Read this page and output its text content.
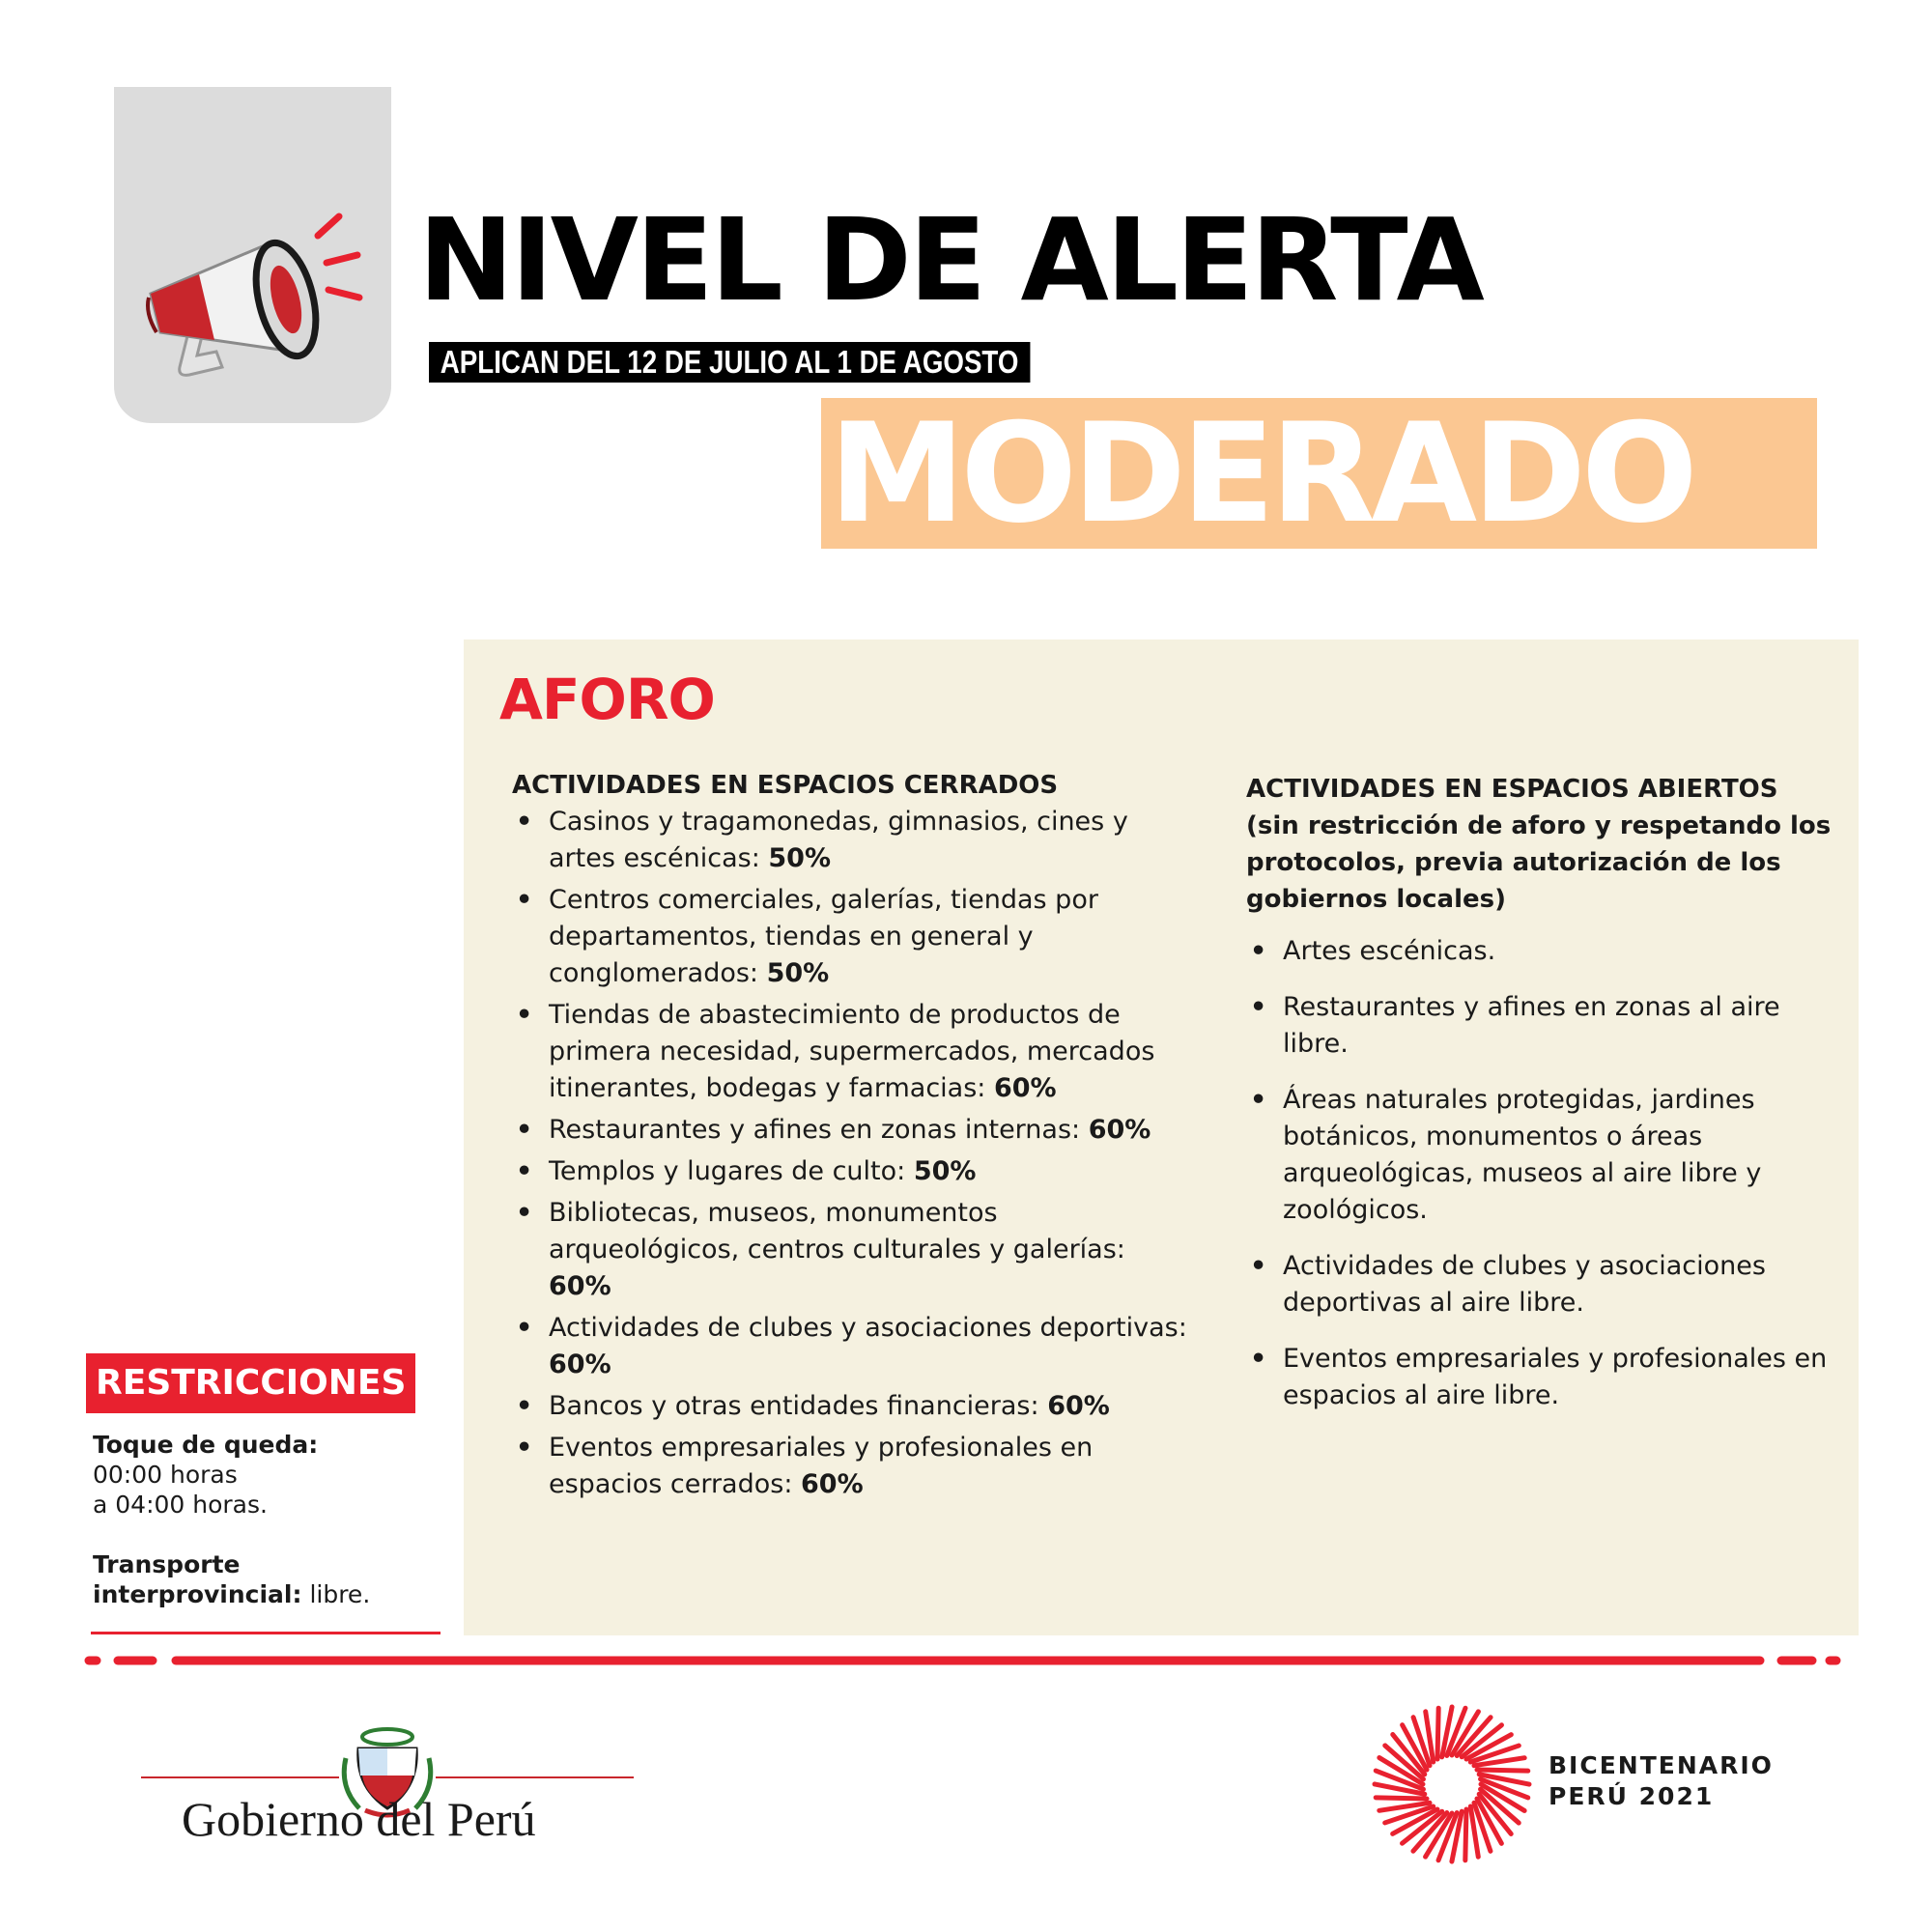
NIVEL DE ALERTA
APLICAN DEL 12 DE JULIO AL 1 DE AGOSTO
MODERADO
AFORO

ACTIVIDADES EN ESPACIOS CERRADOS

• Casinos y tragamonedas, gimnasios, cines y artes escénicas: 50%
• Centros comerciales, galerías, tiendas por departamentos, tiendas en general y conglomerados: 50%
• Tiendas de abastecimiento de productos de primera necesidad, supermercados, mercados itinerantes, bodegas y farmacias: 60%
• Restaurantes y afines en zonas internas: 60%
• Templos y lugares de culto: 50%
• Bibliotecas, museos, monumentos arqueológicos, centros culturales y galerías: 60%
• Actividades de clubes y asociaciones deportivas: 60%
• Bancos y otras entidades financieras: 60%
• Eventos empresariales y profesionales en espacios cerrados: 60%

ACTIVIDADES EN ESPACIOS ABIERTOS

(sin restricción de aforo y respetando los protocolos, previa autorización de los gobiernos locales)

• Artes escénicas.
• Restaurantes y afines en zonas al aire libre.
• Áreas naturales protegidas, jardines botánicos, monumentos o áreas arqueológicas, museos al aire libre y zoológicos.
• Actividades de clubes y asociaciones deportivas al aire libre.
• Eventos empresariales y profesionales en espacios al aire libre.
RESTRICCIONES

Toque de queda:

00:00 horas

a 04:00 horas.

Transporte

interprovincial: libre.

Gobierno del Perú

BICENTENARIO
PERÚ 2021
